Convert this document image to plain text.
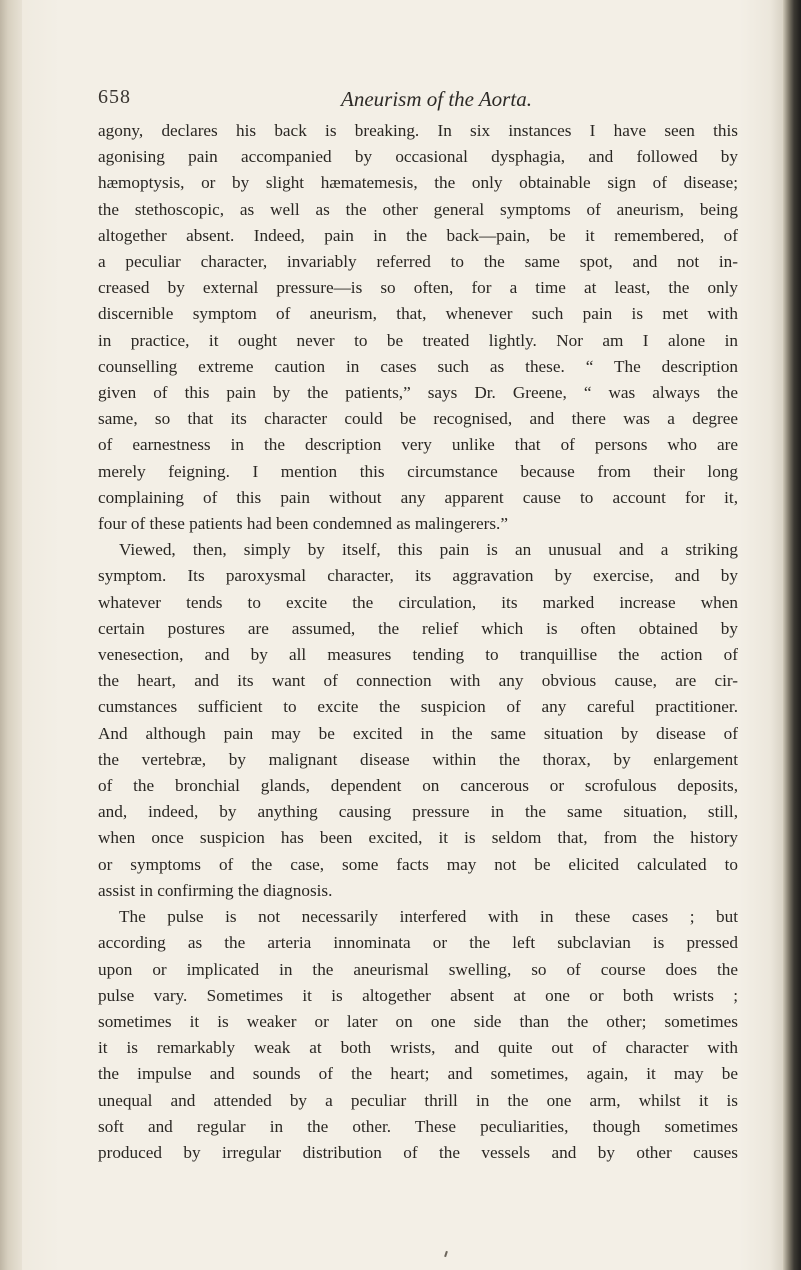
658	Aneurism of the Aorta.

agony, declares his back is breaking. In six instances I have seen this

agonising pain accompanied by occasional dysphagia, and followed by

hæmoptysis, or by slight hæmatemesis, the only obtainable sign of disease;

the stethoscopic, as well as the other general symptoms of aneurism, being

altogether absent. Indeed, pain in the back—pain, be it remembered, of

a peculiar character, invariably referred to the same spot, and not in-

creased by external pressure—is so often, for a time at least, the only

discernible symptom of aneurism, that, whenever such pain is met with

in practice, it ought never to be treated lightly. Nor am I alone in

counselling extreme caution in cases such as these. “ The description

given of this pain by the patients,” says Dr. Greene, “ was always the

same, so that its character could be recognised, and there was a degree

of earnestness in the description very unlike that of persons who are

merely feigning. I mention this circumstance because from their long

complaining of this pain without any apparent cause to account for it,

four of these patients had been condemned as malingerers.”

Viewed, then, simply by itself, this pain is an unusual and a striking

symptom. Its paroxysmal character, its aggravation by exercise, and by

whatever tends to excite the circulation, its marked increase when

certain postures are assumed, the relief which is often obtained by

venesection, and by all measures tending to tranquillise the action of

the heart, and its want of connection with any obvious cause, are cir-

cumstances sufficient to excite the suspicion of any careful practitioner.

And although pain may be excited in the same situation by disease of

the vertebræ, by malignant disease within the thorax, by enlargement

of the bronchial glands, dependent on cancerous or scrofulous deposits,

and, indeed, by anything causing pressure in the same situation, still,

when once suspicion has been excited, it is seldom that, from the history

or symptoms of the case, some facts may not be elicited calculated to

assist in confirming the diagnosis.

The pulse is not necessarily interfered with in these cases ; but

according as the arteria innominata or the left subclavian is pressed

upon or implicated in the aneurismal swelling, so of course does the

pulse vary. Sometimes it is altogether absent at one or both wrists ;

sometimes it is weaker or later on one side than the other; sometimes

it is remarkably weak at both wrists, and quite out of character with

the impulse and sounds of the heart; and sometimes, again, it may be

unequal and attended by a peculiar thrill in the one arm, whilst it is

soft and regular in the other. These peculiarities, though sometimes

produced by irregular distribution of the vessels and by other causes
